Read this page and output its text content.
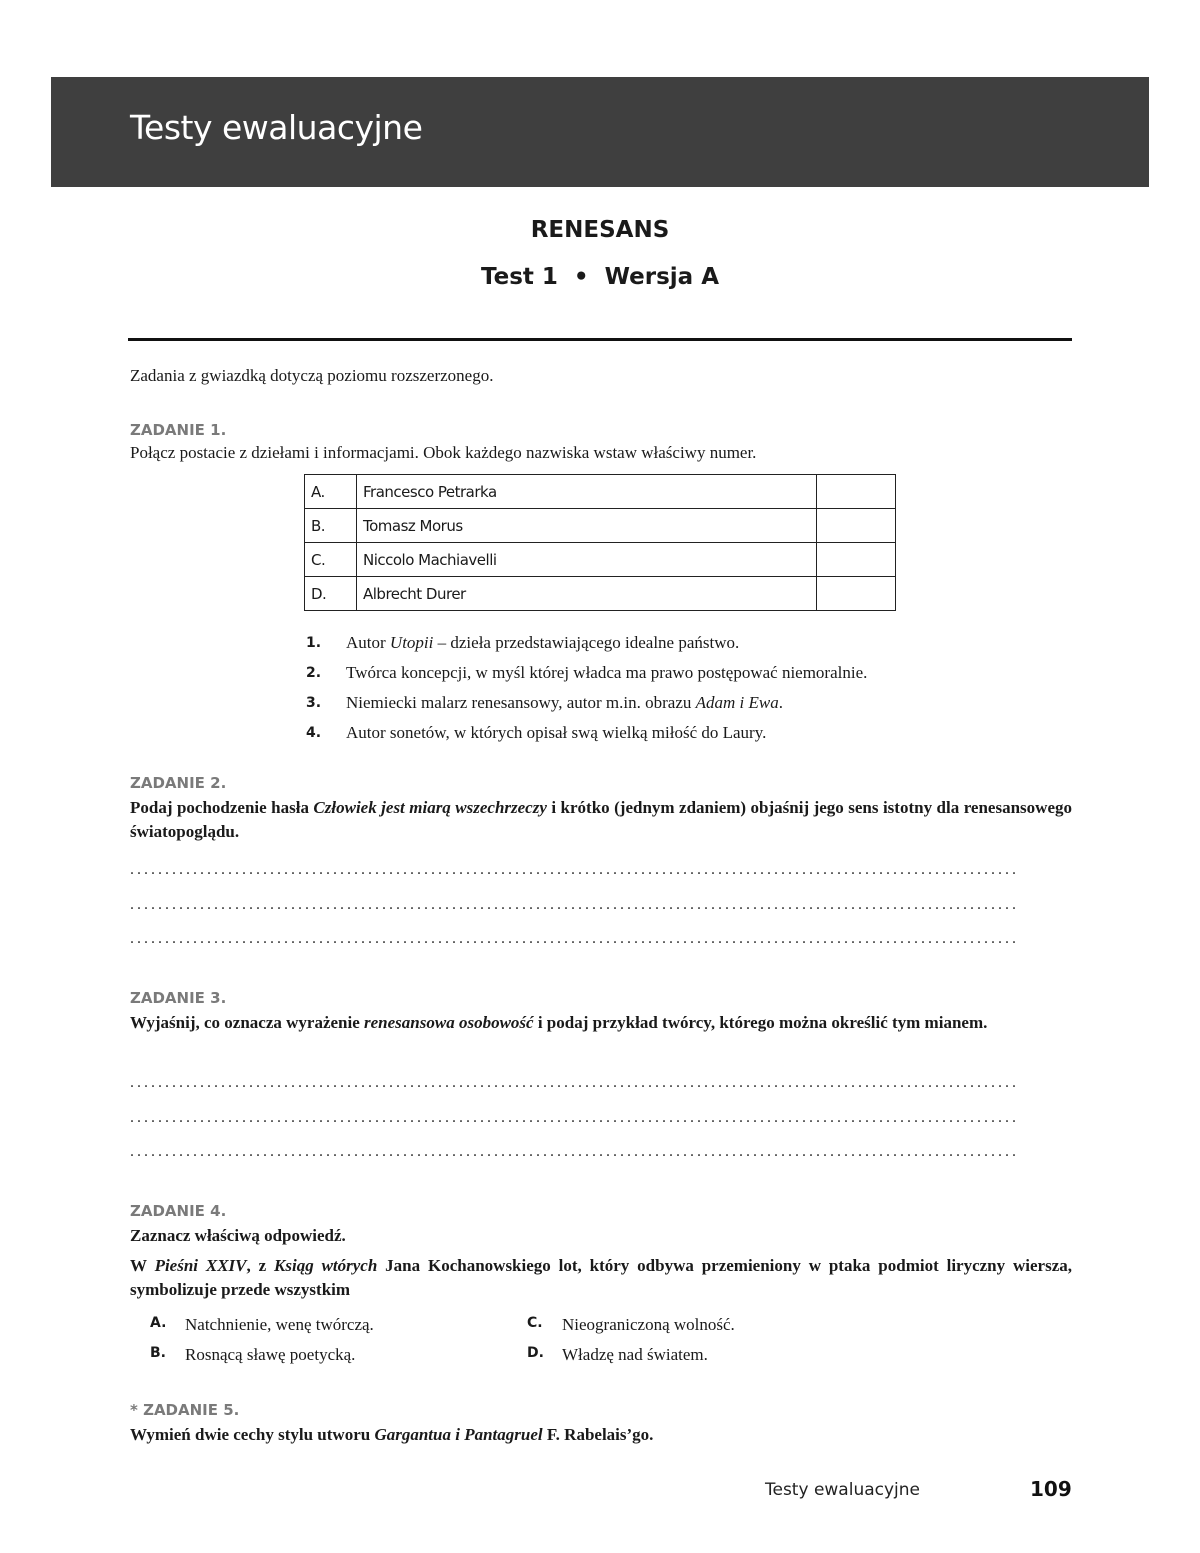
Testy ewaluacyjne
RENESANS
Test 1 • Wersja A
Zadania z gwiazdką dotyczą poziomu rozszerzonego.
ZADANIE 1.
Połącz postacie z dziełami i informacjami. Obok każdego nazwiska wstaw właściwy numer.
A.	Francesco Petrarka	
B.	Tomasz Morus	
C.	Niccolo Machiavelli	
D.	Albrecht Durer	
1.	Autor Utopii – dzieła przedstawiającego idealne państwo.
2.	Twórca koncepcji, w myśl której władca ma prawo postępować niemoralnie.
3.	Niemiecki malarz renesansowy, autor m.in. obrazu Adam i Ewa.
4.	Autor sonetów, w których opisał swą wielką miłość do Laury.
ZADANIE 2.
Podaj pochodzenie hasła Człowiek jest miarą wszechrzeczy i krótko (jednym zdaniem) objaśnij jego sens istotny dla renesansowego światopoglądu.
...............................................................................................................................
...............................................................................................................................
...............................................................................................................................
ZADANIE 3.
Wyjaśnij, co oznacza wyrażenie renesansowa osobowość i podaj przykład twórcy, którego można określić tym mianem.
...............................................................................................................................
...............................................................................................................................
...............................................................................................................................
ZADANIE 4.
Zaznacz właściwą odpowiedź.
W Pieśni XXIV, z Ksiąg wtórych Jana Kochanowskiego lot, który odbywa przemieniony w ptaka podmiot liryczny wiersza, symbolizuje przede wszystkim
A.	Natchnienie, wenę twórczą.
B.	Rosnącą sławę poetycką.
C.	Nieograniczoną wolność.
D.	Władzę nad światem.
* ZADANIE 5.
Wymień dwie cechy stylu utworu Gargantua i Pantagruel F. Rabelais’go.
Testy ewaluacyjne	109
